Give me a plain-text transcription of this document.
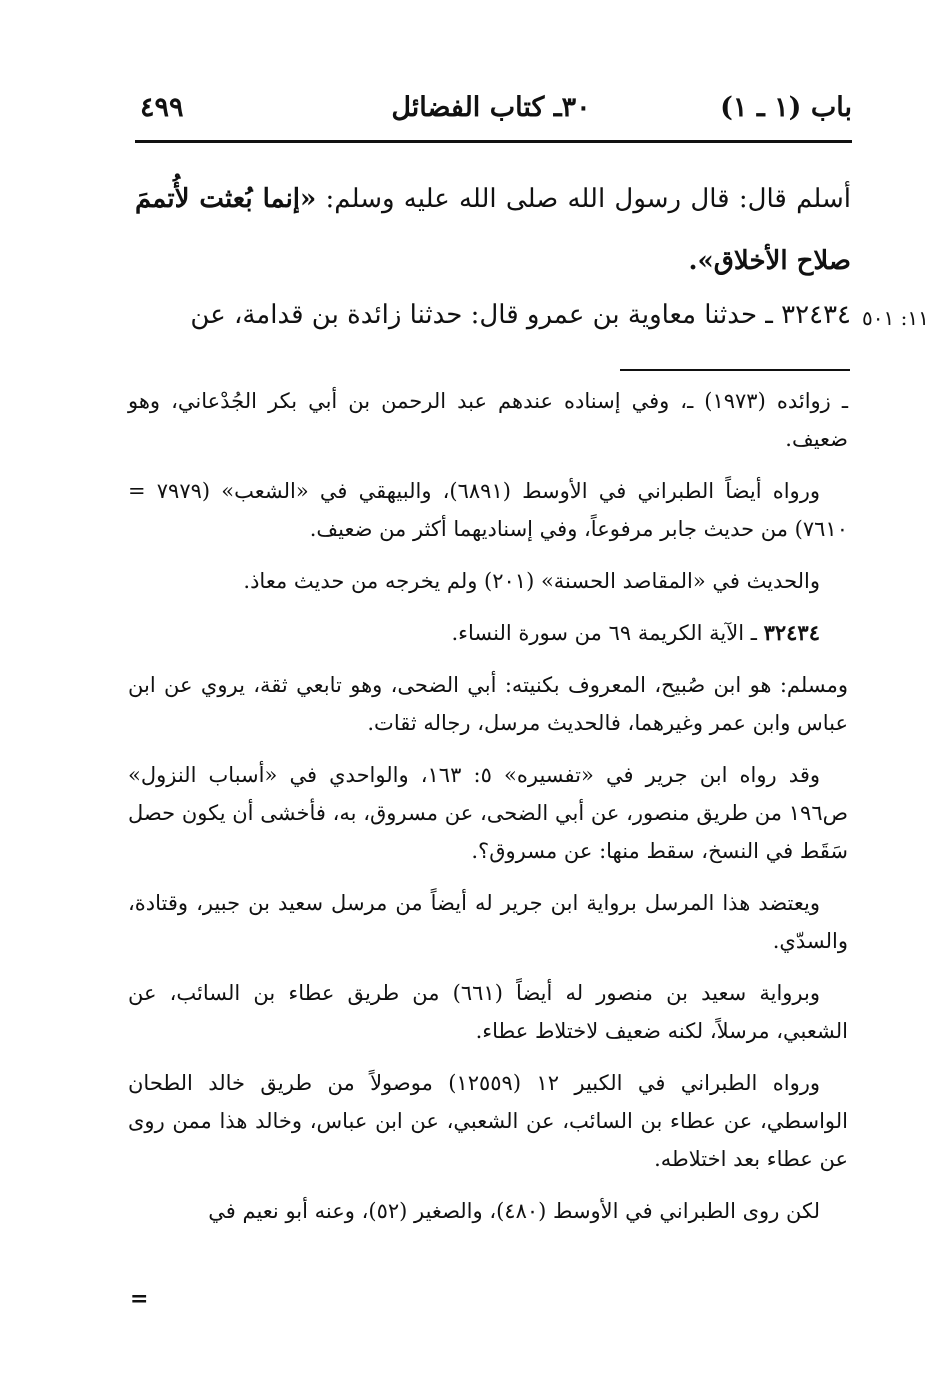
باب (١ ـ ١)
٣٠ـ كتاب الفضائل
٤٩٩

أسلم قال: قال رسول الله صلى الله عليه وسلم: «إنما بُعثت لأُتممَ صلاح الأخلاق».

٣٢٤٣٤ ـ حدثنا معاوية بن عمرو قال: حدثنا زائدة بن قدامة، عن	١١: ٥٠١

ـ زوائده (١٩٧٣) ـ، وفي إسناده عندهم عبد الرحمن بن أبي بكر الجُدْعاني، وهو ضعيف.

ورواه أيضاً الطبراني في الأوسط (٦٨٩١)، والبيهقي في «الشعب» (٧٩٧٩ = ٧٦١٠) من حديث جابر مرفوعاً، وفي إسناديهما أكثر من ضعيف.

والحديث في «المقاصد الحسنة» (٢٠١) ولم يخرجه من حديث معاذ.

٣٢٤٣٤ ـ الآية الكريمة ٦٩ من سورة النساء.

ومسلم: هو ابن صُبيح، المعروف بكنيته: أبي الضحى، وهو تابعي ثقة، يروي عن ابن عباس وابن عمر وغيرهما، فالحديث مرسل، رجاله ثقات.

وقد رواه ابن جرير في «تفسيره» ٥: ١٦٣، والواحدي في «أسباب النزول» ص١٩٦ من طريق منصور، عن أبي الضحى، عن مسروق، به، فأخشى أن يكون حصل سَقَط في النسخ، سقط منها: عن مسروق؟.

ويعتضد هذا المرسل برواية ابن جرير له أيضاً من مرسل سعيد بن جبير، وقتادة، والسدّي.

وبرواية سعيد بن منصور له أيضاً (٦٦١) من طريق عطاء بن السائب، عن الشعبي، مرسلاً، لكنه ضعيف لاختلاط عطاء.

ورواه الطبراني في الكبير ١٢ (١٢٥٥٩) موصولاً من طريق خالد الطحان الواسطي، عن عطاء بن السائب، عن الشعبي، عن ابن عباس، وخالد هذا ممن روى عن عطاء بعد اختلاطه.

لكن روى الطبراني في الأوسط (٤٨٠)، والصغير (٥٢)، وعنه أبو نعيم في

=
